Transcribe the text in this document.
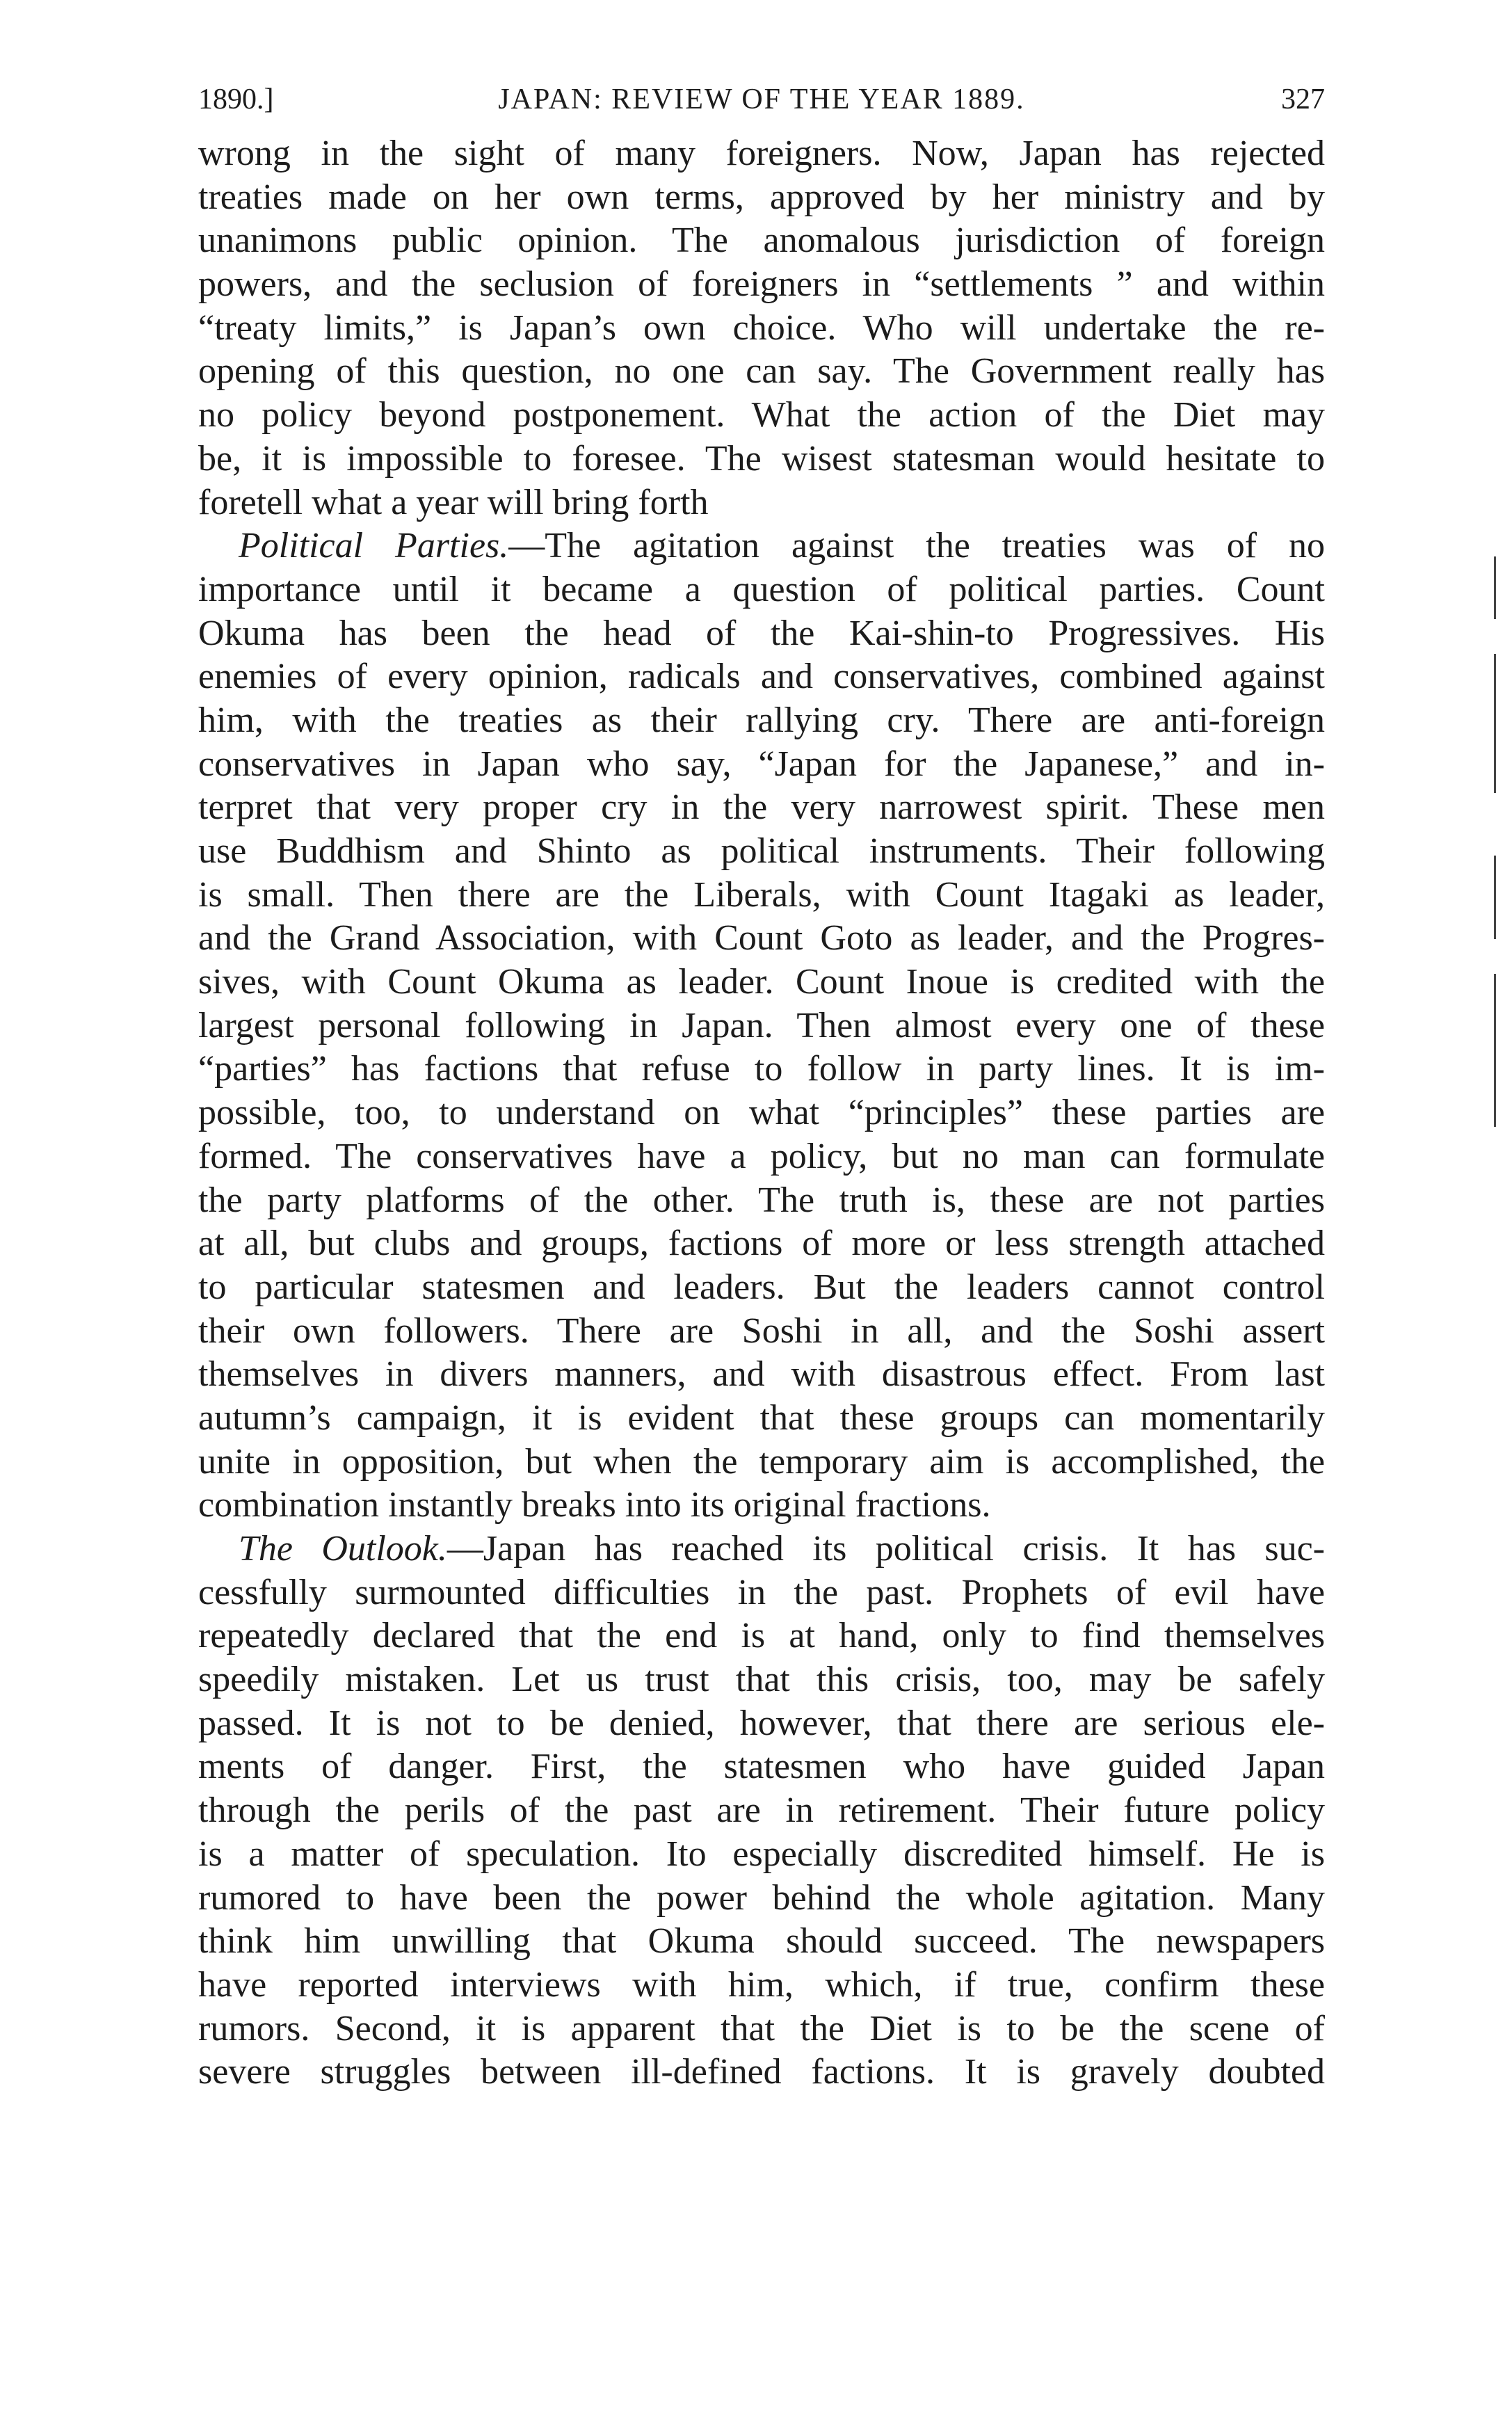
1890.]	JAPAN: REVIEW OF THE YEAR 1889.	327
wrong in the sight of many foreigners. Now, Japan has rejected
treaties made on her own terms, approved by her ministry and by
unanimons public opinion. The anomalous jurisdiction of foreign
powers, and the seclusion of foreigners in “settlements ” and within
“treaty limits,” is Japan’s own choice. Who will undertake the re-
opening of this question, no one can say. The Government really has
no policy beyond postponement. What the action of the Diet may
be, it is impossible to foresee. The wisest statesman would hesitate to
foretell what a year will bring forth
Political Parties.—The agitation against the treaties was of no
importance until it became a question of political parties. Count
Okuma has been the head of the Kai-shin-to Progressives. His
enemies of every opinion, radicals and conservatives, combined against
him, with the treaties as their rallying cry. There are anti-foreign
conservatives in Japan who say, “Japan for the Japanese,” and in-
terpret that very proper cry in the very narrowest spirit. These men
use Buddhism and Shinto as political instruments. Their following
is small. Then there are the Liberals, with Count Itagaki as leader,
and the Grand Association, with Count Goto as leader, and the Progres-
sives, with Count Okuma as leader. Count Inoue is credited with the
largest personal following in Japan. Then almost every one of these
“parties” has factions that refuse to follow in party lines. It is im-
possible, too, to understand on what “principles” these parties are
formed. The conservatives have a policy, but no man can formulate
the party platforms of the other. The truth is, these are not parties
at all, but clubs and groups, factions of more or less strength attached
to particular statesmen and leaders. But the leaders cannot control
their own followers. There are Soshi in all, and the Soshi assert
themselves in divers manners, and with disastrous effect. From last
autumn’s campaign, it is evident that these groups can momentarily
unite in opposition, but when the temporary aim is accomplished, the
combination instantly breaks into its original fractions.
The Outlook.—Japan has reached its political crisis. It has suc-
cessfully surmounted difficulties in the past. Prophets of evil have
repeatedly declared that the end is at hand, only to find themselves
speedily mistaken. Let us trust that this crisis, too, may be safely
passed. It is not to be denied, however, that there are serious ele-
ments of danger. First, the statesmen who have guided Japan
through the perils of the past are in retirement. Their future policy
is a matter of speculation. Ito especially discredited himself. He is
rumored to have been the power behind the whole agitation. Many
think him unwilling that Okuma should succeed. The newspapers
have reported interviews with him, which, if true, confirm these
rumors. Second, it is apparent that the Diet is to be the scene of
severe struggles between ill-defined factions. It is gravely doubted
